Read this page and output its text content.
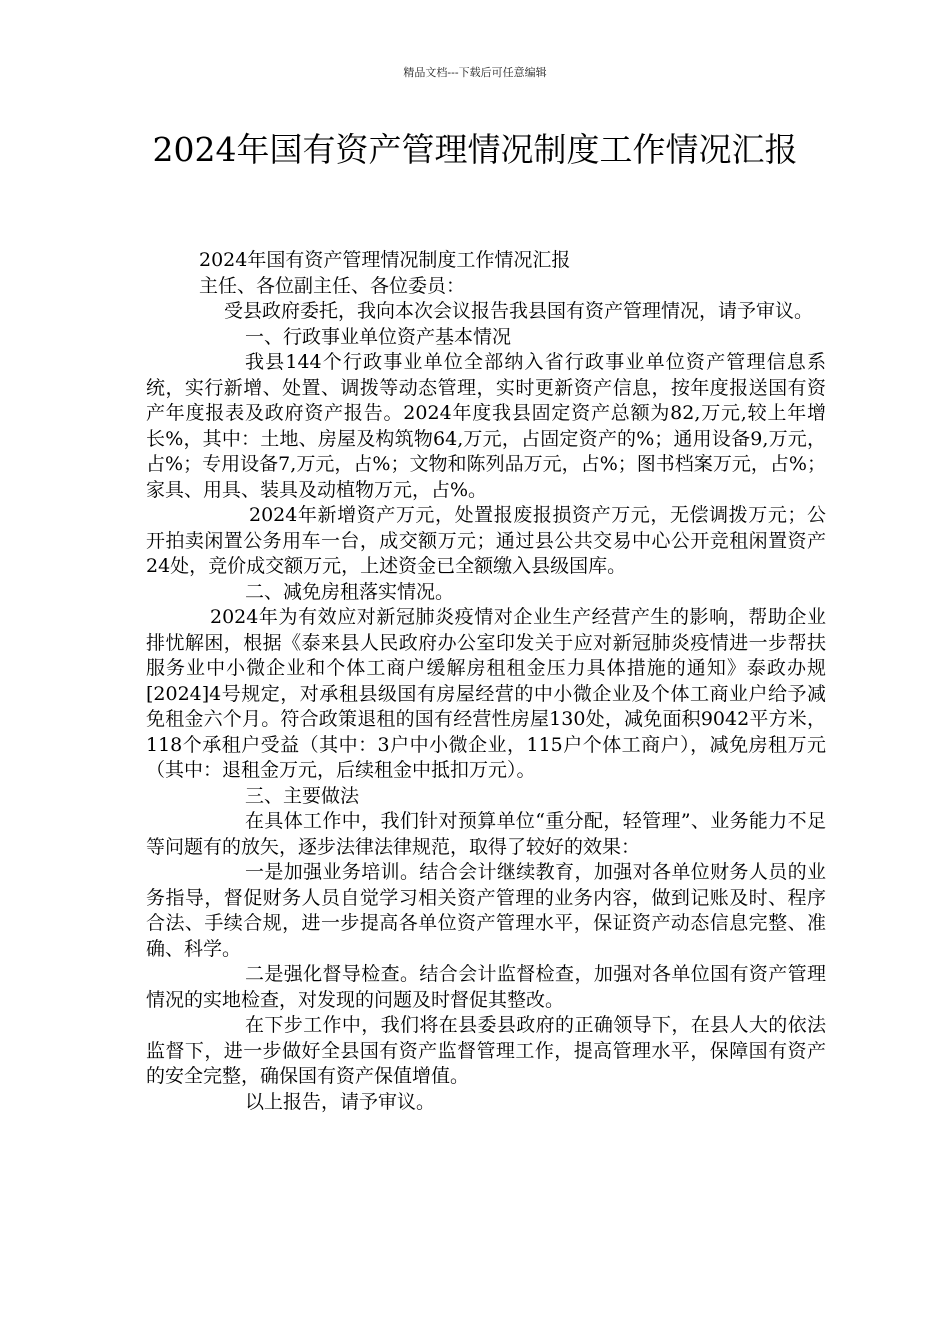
精品文档---下载后可任意编辑
2024年国有资产管理情况制度工作情况汇报

2024年国有资产管理情况制度工作情况汇报

主任、各位副主任、各位委员：

受县政府委托，我向本次会议报告我县国有资产管理情况，请予审议。

一、行政事业单位资产基本情况

我县144个行政事业单位全部纳入省行政事业单位资产管理信息系统，实行新增、处置、调拨等动态管理，实时更新资产信息，按年度报送国有资产年度报表及政府资产报告。2024年度我县固定资产总额为82,万元,较上年增长%，其中：土地、房屋及构筑物64,万元，占固定资产的%；通用设备9,万元，占%；专用设备7,万元，占%；文物和陈列品万元，占%；图书档案万元，占%；家具、用具、装具及动植物万元，占%。

2024年新增资产万元，处置报废报损资产万元，无偿调拨万元；公开拍卖闲置公务用车一台，成交额万元；通过县公共交易中心公开竞租闲置资产24处，竞价成交额万元，上述资金已全额缴入县级国库。

二、减免房租落实情况。

2024年为有效应对新冠肺炎疫情对企业生产经营产生的影响，帮助企业排忧解困，根据《泰来县人民政府办公室印发关于应对新冠肺炎疫情进一步帮扶服务业中小微企业和个体工商户缓解房租租金压力具体措施的通知》泰政办规[2024]4号规定，对承租县级国有房屋经营的中小微企业及个体工商业户给予减免租金六个月。符合政策退租的国有经营性房屋130处，减免面积9042平方米，118个承租户受益（其中：3户中小微企业，115户个体工商户），减免房租万元（其中：退租金万元，后续租金中抵扣万元）。

三、主要做法

在具体工作中，我们针对预算单位“重分配，轻管理”、业务能力不足等问题有的放矢，逐步法律法律规范，取得了较好的效果：

一是加强业务培训。结合会计继续教育，加强对各单位财务人员的业务指导，督促财务人员自觉学习相关资产管理的业务内容，做到记账及时、程序合法、手续合规，进一步提高各单位资产管理水平，保证资产动态信息完整、准确、科学。

二是强化督导检查。结合会计监督检查，加强对各单位国有资产管理情况的实地检查，对发现的问题及时督促其整改。

在下步工作中，我们将在县委县政府的正确领导下，在县人大的依法监督下，进一步做好全县国有资产监督管理工作，提高管理水平，保障国有资产的安全完整，确保国有资产保值增值。

以上报告，请予审议。
